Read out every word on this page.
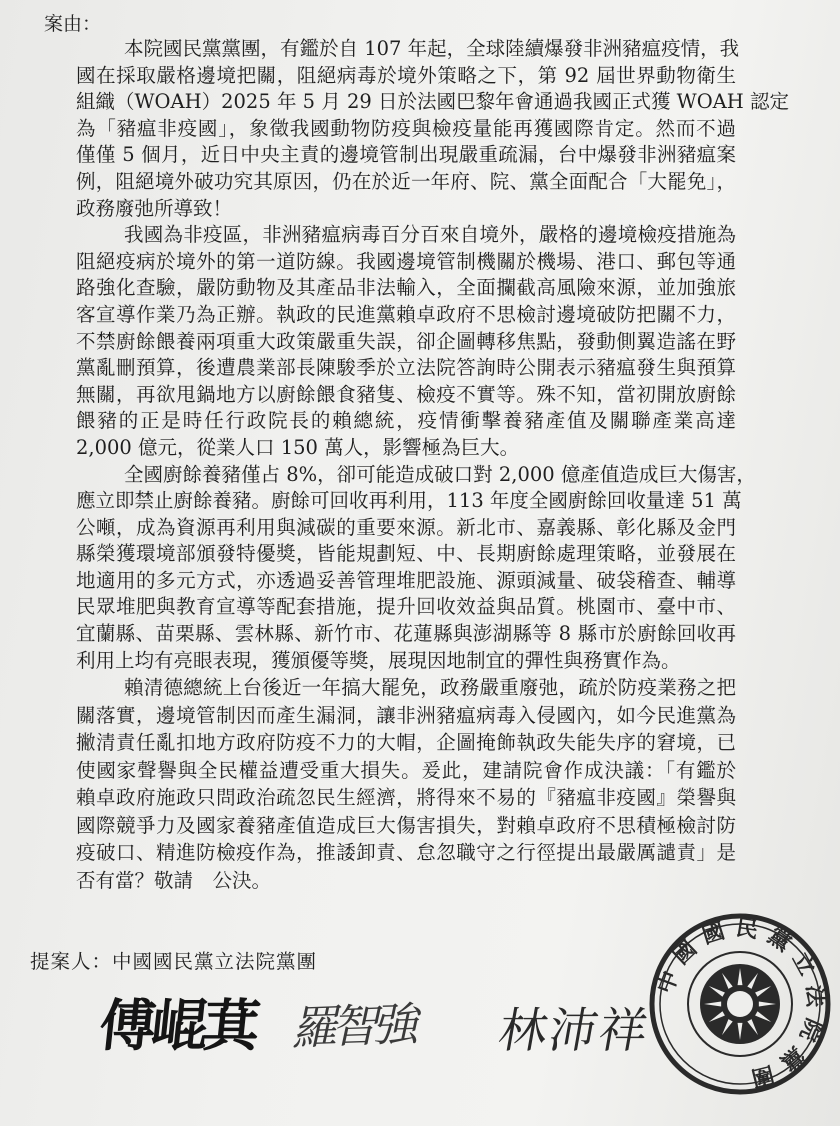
案由：
本院國民黨黨團，有鑑於自 107 年起，全球陸續爆發非洲豬瘟疫情，我
國在採取嚴格邊境把關，阻絕病毒於境外策略之下，第 92 屆世界動物衛生
組織（WOAH）2025 年 5 月 29 日於法國巴黎年會通過我國正式獲 WOAH 認定
為「豬瘟非疫國」，象徵我國動物防疫與檢疫量能再獲國際肯定。然而不過
僅僅 5 個月，近日中央主責的邊境管制出現嚴重疏漏，台中爆發非洲豬瘟案
例，阻絕境外破功究其原因，仍在於近一年府、院、黨全面配合「大罷免」，
政務廢弛所導致！
我國為非疫區，非洲豬瘟病毒百分百來自境外，嚴格的邊境檢疫措施為
阻絕疫病於境外的第一道防線。我國邊境管制機關於機場、港口、郵包等通
路強化查驗，嚴防動物及其產品非法輸入，全面攔截高風險來源，並加強旅
客宣導作業乃為正辦。執政的民進黨賴卓政府不思檢討邊境破防把關不力，
不禁廚餘餵養兩項重大政策嚴重失誤，卻企圖轉移焦點，發動側翼造謠在野
黨亂刪預算，後遭農業部長陳駿季於立法院答詢時公開表示豬瘟發生與預算
無關，再欲甩鍋地方以廚餘餵食豬隻、檢疫不實等。殊不知，當初開放廚餘
餵豬的正是時任行政院長的賴總統，疫情衝擊養豬產值及關聯產業高達
2,000 億元，從業人口 150 萬人，影響極為巨大。
全國廚餘養豬僅占 8%，卻可能造成破口對 2,000 億產值造成巨大傷害，
應立即禁止廚餘養豬。廚餘可回收再利用，113 年度全國廚餘回收量達 51 萬
公噸，成為資源再利用與減碳的重要來源。新北市、嘉義縣、彰化縣及金門
縣榮獲環境部頒發特優獎，皆能規劃短、中、長期廚餘處理策略，並發展在
地適用的多元方式，亦透過妥善管理堆肥設施、源頭減量、破袋稽查、輔導
民眾堆肥與教育宣導等配套措施，提升回收效益與品質。桃園市、臺中市、
宜蘭縣、苗栗縣、雲林縣、新竹市、花蓮縣與澎湖縣等 8 縣市於廚餘回收再
利用上均有亮眼表現，獲頒優等獎，展現因地制宜的彈性與務實作為。
賴清德總統上台後近一年搞大罷免，政務嚴重廢弛，疏於防疫業務之把
關落實，邊境管制因而產生漏洞，讓非洲豬瘟病毒入侵國內，如今民進黨為
撇清責任亂扣地方政府防疫不力的大帽，企圖掩飾執政失能失序的窘境，已
使國家聲譽與全民權益遭受重大損失。爰此，建請院會作成決議：「有鑑於
賴卓政府施政只問政治疏忽民生經濟，將得來不易的『豬瘟非疫國』榮譽與
國際競爭力及國家養豬產值造成巨大傷害損失，對賴卓政府不思積極檢討防
疫破口、精進防檢疫作為，推諉卸責、怠忽職守之行徑提出最嚴厲譴責」是
否有當？敬請　公決。
提案人：中國國民黨立法院黨團
傅崐萁 羅智強 林沛祥
中國國民黨立法院黨團
